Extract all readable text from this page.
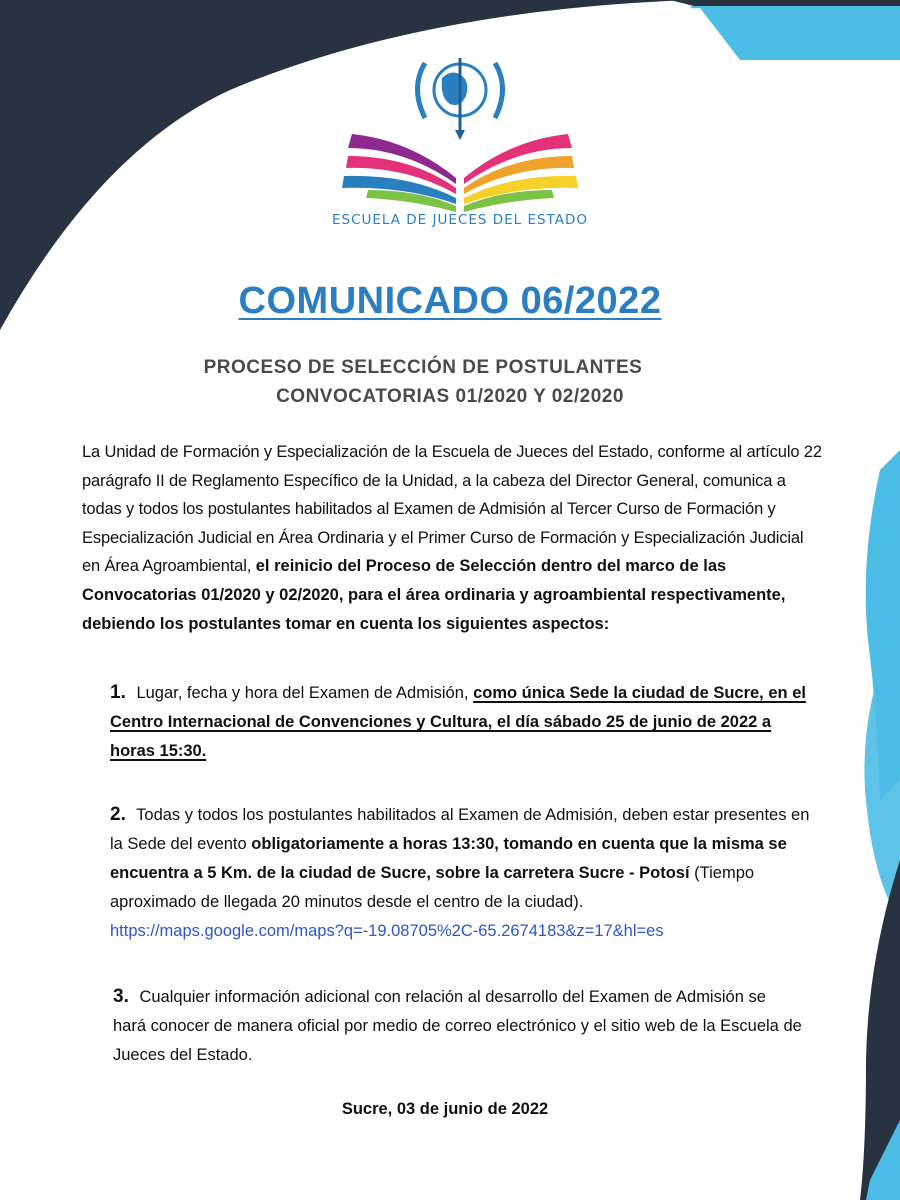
ESCUELA DE JUECES DEL ESTADO
COMUNICADO 06/2022
PROCESO DE SELECCIÓN DE POSTULANTES
CONVOCATORIAS 01/2020 Y 02/2020
La Unidad de Formación y Especialización de la Escuela de Jueces del Estado, conforme al artículo 22 parágrafo II de Reglamento Específico de la Unidad, a la cabeza del Director General, comunica a todas y todos los postulantes habilitados al Examen de Admisión al Tercer Curso de Formación y Especialización Judicial en Área Ordinaria y el Primer Curso de Formación y Especialización Judicial en Área Agroambiental, el reinicio del Proceso de Selección dentro del marco de las Convocatorias 01/2020 y 02/2020, para el área ordinaria y agroambiental respectivamente, debiendo los postulantes tomar en cuenta los siguientes aspectos:
1. Lugar, fecha y hora del Examen de Admisión, como única Sede la ciudad de Sucre, en el Centro Internacional de Convenciones y Cultura, el día sábado 25 de junio de 2022 a horas 15:30.
2. Todas y todos los postulantes habilitados al Examen de Admisión, deben estar presentes en la Sede del evento obligatoriamente a horas 13:30, tomando en cuenta que la misma se encuentra a 5 Km. de la ciudad de Sucre, sobre la carretera Sucre - Potosí (Tiempo aproximado de llegada 20 minutos desde el centro de la ciudad).
https://maps.google.com/maps?q=-19.08705%2C-65.2674183&z=17&hl=es
3. Cualquier información adicional con relación al desarrollo del Examen de Admisión se hará conocer de manera oficial por medio de correo electrónico y el sitio web de la Escuela de Jueces del Estado.
Sucre, 03 de junio de 2022
